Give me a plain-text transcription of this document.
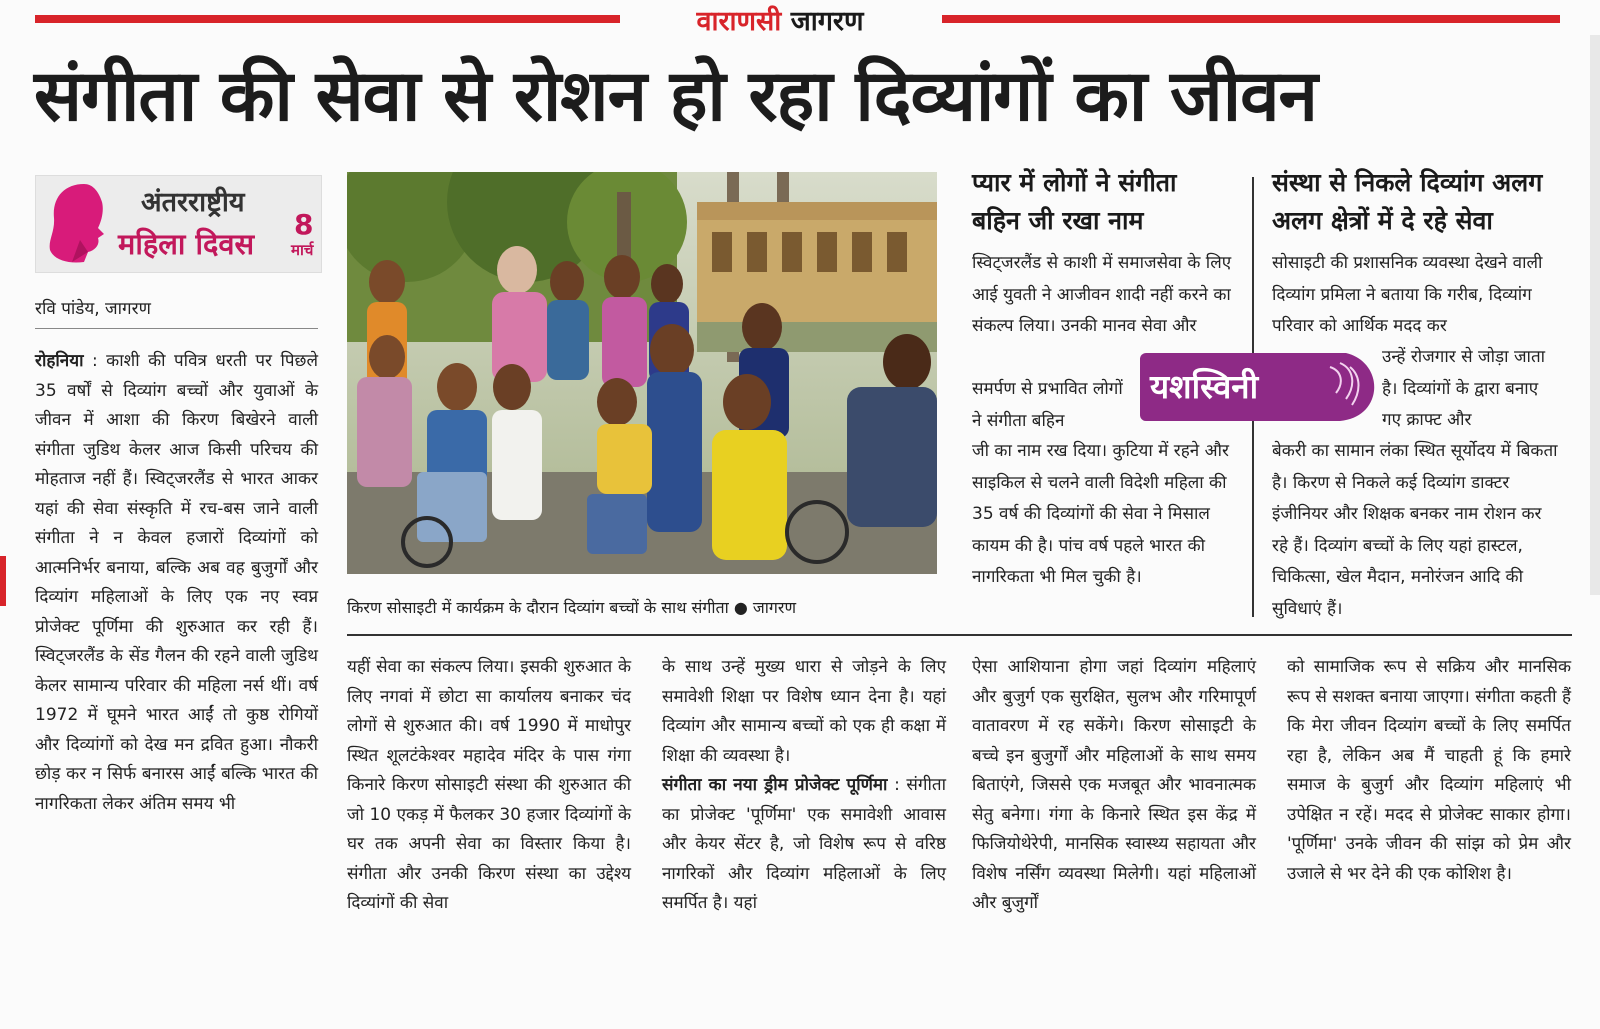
वाराणसी जागरण
संगीता की सेवा से रोशन हो रहा दिव्यांगों का जीवन
अंतरराष्ट्रीय
महिला दिवस
8
मार्च
रवि पांडेय, जागरण
रोहनिया : काशी की पवित्र धरती पर पिछले 35 वर्षों से दिव्यांग बच्चों और युवाओं के जीवन में आशा की किरण बिखेरने वाली संगीता जुडिथ केलर आज किसी परिचय की मोहताज नहीं हैं। स्विट्जरलैंड से भारत आकर यहां की सेवा संस्कृति में रच-बस जाने वाली संगीता ने न केवल हजारों दिव्यांगों को आत्मनिर्भर बनाया, बल्कि अब वह बुजुर्गों और दिव्यांग महिलाओं के लिए एक नए स्वप्न प्रोजेक्ट पूर्णिमा की शुरुआत कर रही हैं। स्विट्जरलैंड के सेंड गैलन की रहने वाली जुडिथ केलर सामान्य परिवार की महिला नर्स थीं। वर्ष 1972 में घूमने भारत आईं तो कुष्ठ रोगियों और दिव्यांगों को देख मन द्रवित हुआ। नौकरी छोड़ कर न सिर्फ बनारस आईं बल्कि भारत की नागरिकता लेकर अंतिम समय भी
किरण सोसाइटी में कार्यक्रम के दौरान दिव्यांग बच्चों के साथ संगीता ● जागरण
प्यार में लोगों ने संगीता बहिन जी रखा नाम
स्विट्जरलैंड से काशी में समाजसेवा के लिए आई युवती ने आजीवन शादी नहीं करने का संकल्प लिया। उनकी मानव सेवा और
समर्पण से प्रभावित लोगों ने संगीता बहिन
जी का नाम रख दिया। कुटिया में रहने और साइकिल से चलने वाली विदेशी महिला की 35 वर्ष की दिव्यांगों की सेवा ने मिसाल कायम की है। पांच वर्ष पहले भारत की नागरिकता भी मिल चुकी है।
संस्था से निकले दिव्यांग अलग अलग क्षेत्रों में दे रहे सेवा
सोसाइटी की प्रशासनिक व्यवस्था देखने वाली दिव्यांग प्रमिला ने बताया कि गरीब, दिव्यांग परिवार को आर्थिक मदद कर
उन्हें रोजगार से जोड़ा जाता है। दिव्यांगों के द्वारा बनाए गए क्राफ्ट और
बेकरी का सामान लंका स्थित सूर्योदय में बिकता है। किरण से निकले कई दिव्यांग डाक्टर इंजीनियर और शिक्षक बनकर नाम रोशन कर रहे हैं। दिव्यांग बच्चों के लिए यहां हास्टल, चिकित्सा, खेल मैदान, मनोरंजन आदि की सुविधाएं हैं।
यशस्विनी
यहीं सेवा का संकल्प लिया। इसकी शुरुआत के लिए नगवां में छोटा सा कार्यालय बनाकर चंद लोगों से शुरुआत की। वर्ष 1990 में माधोपुर स्थित शूलटंकेश्वर महादेव मंदिर के पास गंगा किनारे किरण सोसाइटी संस्था की शुरुआत की जो 10 एकड़ में फैलकर 30 हजार दिव्यांगों के घर तक अपनी सेवा का विस्तार किया है। संगीता और उनकी किरण संस्था का उद्देश्य दिव्यांगों की सेवा
के साथ उन्हें मुख्य धारा से जोड़ने के लिए समावेशी शिक्षा पर विशेष ध्यान देना है। यहां दिव्यांग और सामान्य बच्चों को एक ही कक्षा में शिक्षा की व्यवस्था है।
संगीता का नया ड्रीम प्रोजेक्ट पूर्णिमा : संगीता का प्रोजेक्ट 'पूर्णिमा' एक समावेशी आवास और केयर सेंटर है, जो विशेष रूप से वरिष्ठ नागरिकों और दिव्यांग महिलाओं के लिए समर्पित है। यहां
ऐसा आशियाना होगा जहां दिव्यांग महिलाएं और बुजुर्ग एक सुरक्षित, सुलभ और गरिमापूर्ण वातावरण में रह सकेंगे। किरण सोसाइटी के बच्चे इन बुजुर्गों और महिलाओं के साथ समय बिताएंगे, जिससे एक मजबूत और भावनात्मक सेतु बनेगा। गंगा के किनारे स्थित इस केंद्र में फिजियोथेरेपी, मानसिक स्वास्थ्य सहायता और विशेष नर्सिंग व्यवस्था मिलेगी। यहां महिलाओं और बुजुर्गों
को सामाजिक रूप से सक्रिय और मानसिक रूप से सशक्त बनाया जाएगा। संगीता कहती हैं कि मेरा जीवन दिव्यांग बच्चों के लिए समर्पित रहा है, लेकिन अब मैं चाहती हूं कि हमारे समाज के बुजुर्ग और दिव्यांग महिलाएं भी उपेक्षित न रहें। मदद से प्रोजेक्ट साकार होगा। 'पूर्णिमा' उनके जीवन की सांझ को प्रेम और उजाले से भर देने की एक कोशिश है।
